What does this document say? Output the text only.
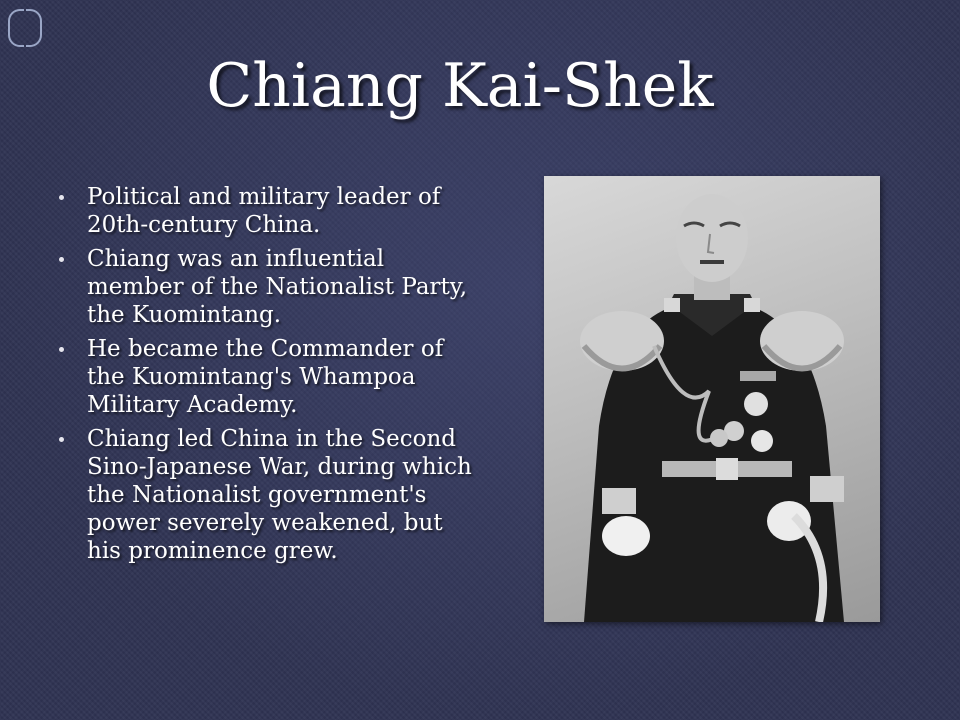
Chiang Kai-Shek
Political and military leader of 20th-century China.
Chiang was an influential member of the Nationalist Party, the Kuomintang.
He became the Commander of the Kuomintang's Whampoa Military Academy.
Chiang led China in the Second Sino-Japanese War, during which the Nationalist government's power severely weakened, but his prominence grew.
